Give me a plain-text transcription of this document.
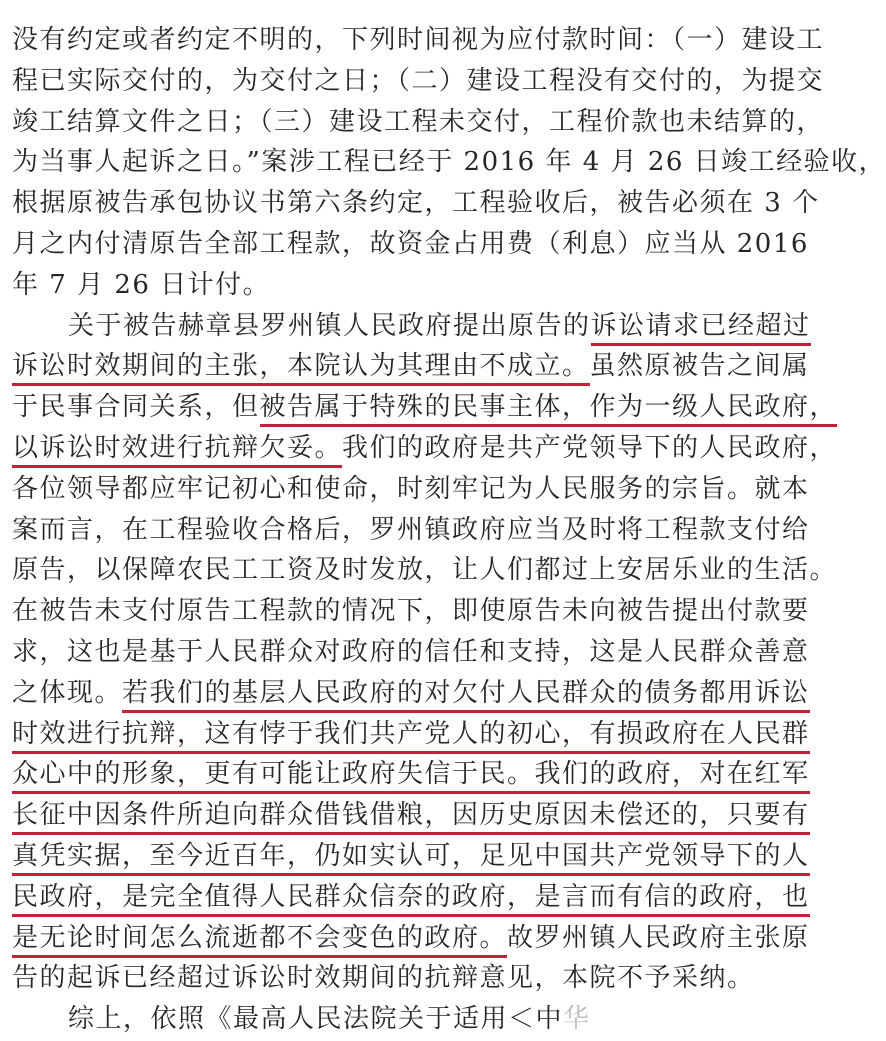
没有约定或者约定不明的，下列时间视为应付款时间：（一）建设工
程已实际交付的，为交付之日；（二）建设工程没有交付的，为提交
竣工结算文件之日；（三）建设工程未交付，工程价款也未结算的，
为当事人起诉之日。”案涉工程已经于 2016 年 4 月 26 日竣工经验收，
根据原被告承包协议书第六条约定，工程验收后，被告必须在 3 个
月之内付清原告全部工程款，故资金占用费（利息）应当从 2016
年 7 月 26 日计付。
关于被告赫章县罗州镇人民政府提出原告的诉讼请求已经超过
诉讼时效期间的主张，本院认为其理由不成立。虽然原被告之间属
于民事合同关系，但被告属于特殊的民事主体，作为一级人民政府，
以诉讼时效进行抗辩欠妥。我们的政府是共产党领导下的人民政府，
各位领导都应牢记初心和使命，时刻牢记为人民服务的宗旨。就本
案而言，在工程验收合格后，罗州镇政府应当及时将工程款支付给
原告，以保障农民工工资及时发放，让人们都过上安居乐业的生活。
在被告未支付原告工程款的情况下，即使原告未向被告提出付款要
求，这也是基于人民群众对政府的信任和支持，这是人民群众善意
之体现。若我们的基层人民政府的对欠付人民群众的债务都用诉讼
时效进行抗辩，这有悖于我们共产党人的初心，有损政府在人民群
众心中的形象，更有可能让政府失信于民。我们的政府，对在红军
长征中因条件所迫向群众借钱借粮，因历史原因未偿还的，只要有
真凭实据，至今近百年，仍如实认可，足见中国共产党领导下的人
民政府，是完全值得人民群众信奈的政府，是言而有信的政府，也
是无论时间怎么流逝都不会变色的政府。故罗州镇人民政府主张原
告的起诉已经超过诉讼时效期间的抗辩意见，本院不予采纳。
综上，依照《最高人民法院关于适用＜中华
